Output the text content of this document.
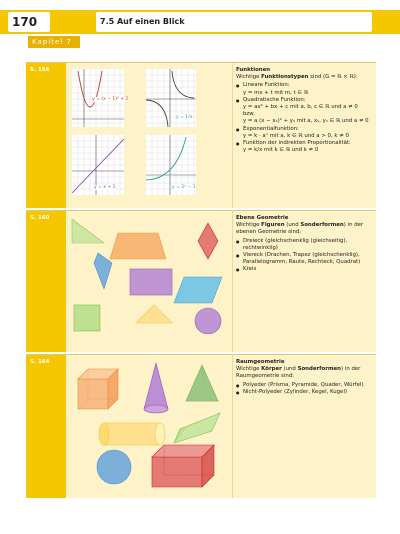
170	7.5 Auf einen Blick
Kapitel 7
S. 156
y = (x − 1)² + 2
y = 1/x
y = x + 1	y = 2ˣ − 1
Funktionen
Wichtige Funktionstypen sind (G = ℝ × ℝ):
● Lineare Funktion:
y = mx + t mit m, t ∈ ℝ
● Quadratische Funktion:
y = ax² + bx + c mit a, b, c ∈ ℝ und a ≠ 0
bzw.
y = a (x − xₛ)² + yₛ mit a, xₛ, yₛ ∈ ℝ und a ≠ 0
● Exponentialfunktion:
y = k · aˣ mit a, k ∈ ℝ und a > 0, k ≠ 0
● Funktion der indirekten Proportionalität:
y = k/x mit k ∈ ℝ und k ≠ 0
S. 160	Ebene Geometrie
Wichtige Figuren (und Sonderformen) in der ebenen Geometrie sind:
● Dreieck (gleichschenklig (gleichseitig), rechtwinklig)
● Viereck (Drachen, Trapez (gleichschenklig), Parallelogramm, Raute, Rechteck, Quadrat)
● Kreis
S. 164	Raumgeometrie
Wichtige Körper (und Sonderformen) in der Raumgeometrie sind:
● Polyeder (Prisma, Pyramide, Quader, Würfel)
● Nicht-Polyeder (Zylinder, Kegel, Kugel)
